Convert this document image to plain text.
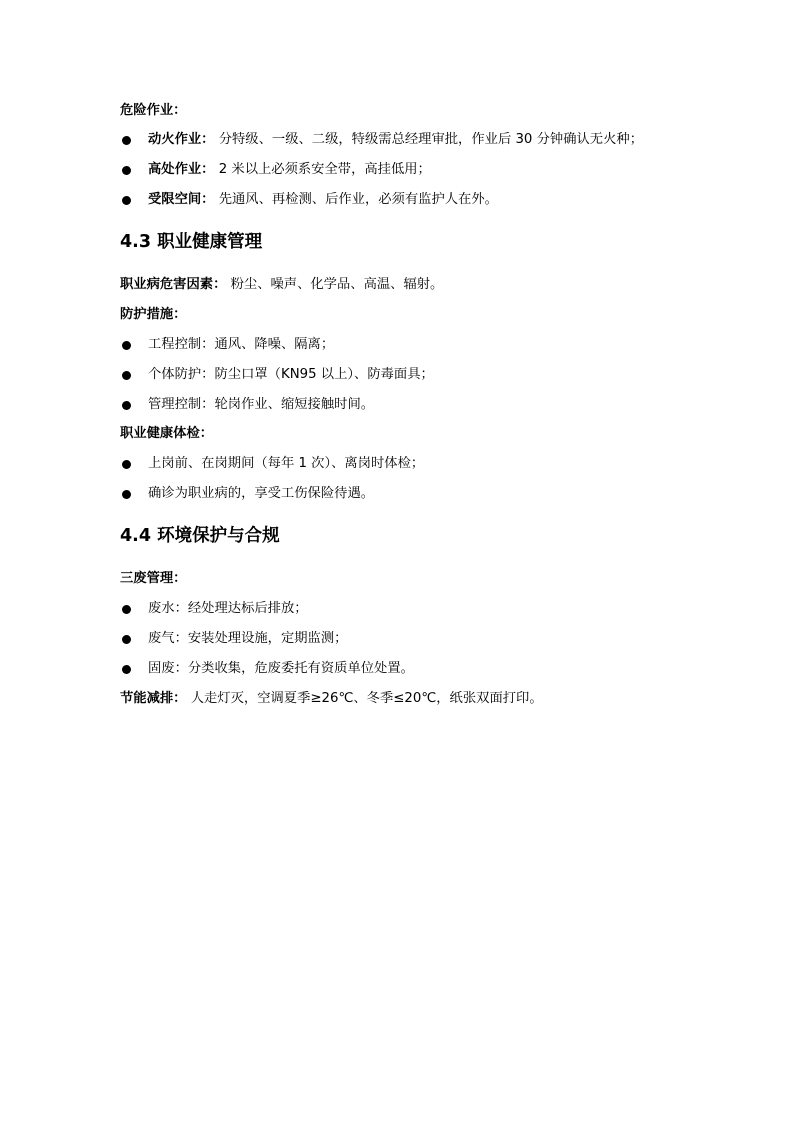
危险作业：

动火作业： 分特级、一级、二级，特级需总经理审批，作业后 30 分钟确认无火种；

高处作业： 2 米以上必须系安全带，高挂低用；

受限空间： 先通风、再检测、后作业，必须有监护人在外。

4.3 职业健康管理

职业病危害因素： 粉尘、噪声、化学品、高温、辐射。

防护措施：

工程控制：通风、降噪、隔离；

个体防护：防尘口罩（KN95 以上）、防毒面具；

管理控制：轮岗作业、缩短接触时间。

职业健康体检：

上岗前、在岗期间（每年 1 次）、离岗时体检；

确诊为职业病的，享受工伤保险待遇。

4.4 环境保护与合规

三废管理：

废水：经处理达标后排放；

废气：安装处理设施，定期监测；

固废：分类收集，危废委托有资质单位处置。

节能减排： 人走灯灭，空调夏季≥26℃、冬季≤20℃，纸张双面打印。
